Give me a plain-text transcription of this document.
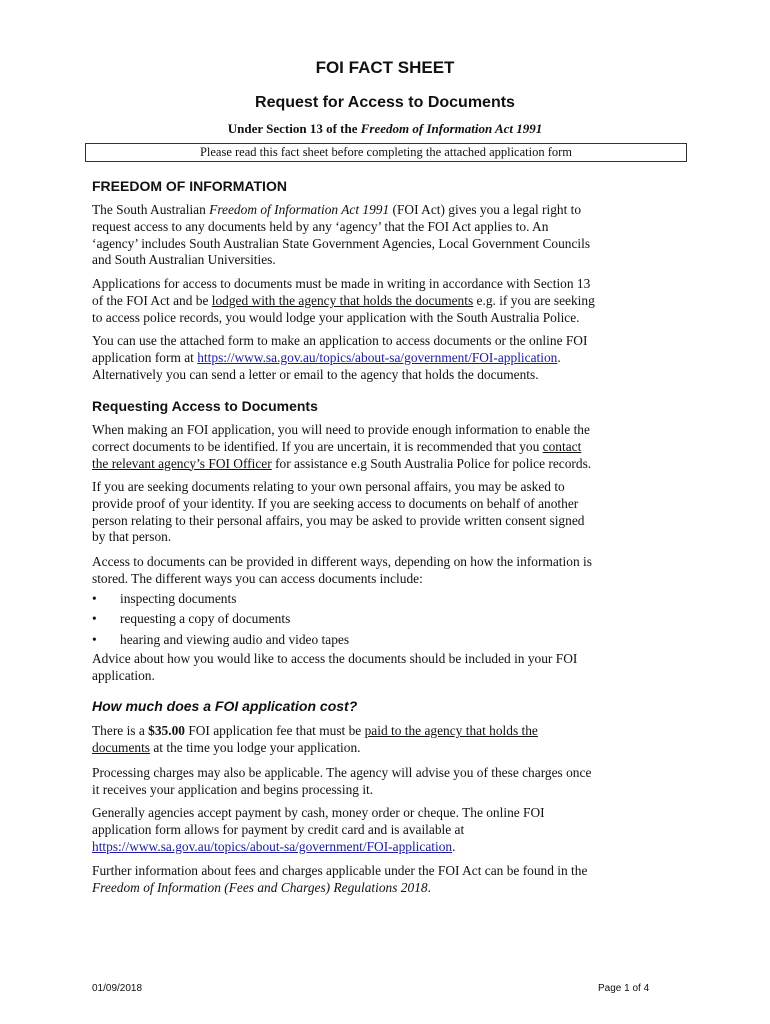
FOI FACT SHEET
Request for Access to Documents
Under Section 13 of the Freedom of Information Act 1991
Please read this fact sheet before completing the attached application form
FREEDOM OF INFORMATION
The South Australian Freedom of Information Act 1991 (FOI Act) gives you a legal right to
request access to any documents held by any ‘agency’ that the FOI Act applies to. An
‘agency’ includes South Australian State Government Agencies, Local Government Councils
and South Australian Universities.
Applications for access to documents must be made in writing in accordance with Section 13
of the FOI Act and be lodged with the agency that holds the documents e.g. if you are seeking
to access police records, you would lodge your application with the South Australia Police.
You can use the attached form to make an application to access documents or the online FOI
application form at https://www.sa.gov.au/topics/about-sa/government/FOI-application.
Alternatively you can send a letter or email to the agency that holds the documents.
Requesting Access to Documents
When making an FOI application, you will need to provide enough information to enable the
correct documents to be identified. If you are uncertain, it is recommended that you contact
the relevant agency’s FOI Officer for assistance e.g South Australia Police for police records.
If you are seeking documents relating to your own personal affairs, you may be asked to
provide proof of your identity. If you are seeking access to documents on behalf of another
person relating to their personal affairs, you may be asked to provide written consent signed
by that person.
Access to documents can be provided in different ways, depending on how the information is
stored. The different ways you can access documents include:
• inspecting documents
• requesting a copy of documents
• hearing and viewing audio and video tapes
Advice about how you would like to access the documents should be included in your FOI
application.
How much does a FOI application cost?
There is a $35.00 FOI application fee that must be paid to the agency that holds the
documents at the time you lodge your application.
Processing charges may also be applicable. The agency will advise you of these charges once
it receives your application and begins processing it.
Generally agencies accept payment by cash, money order or cheque. The online FOI
application form allows for payment by credit card and is available at
https://www.sa.gov.au/topics/about-sa/government/FOI-application.
Further information about fees and charges applicable under the FOI Act can be found in the
Freedom of Information (Fees and Charges) Regulations 2018.
01/09/2018	Page 1 of 4
